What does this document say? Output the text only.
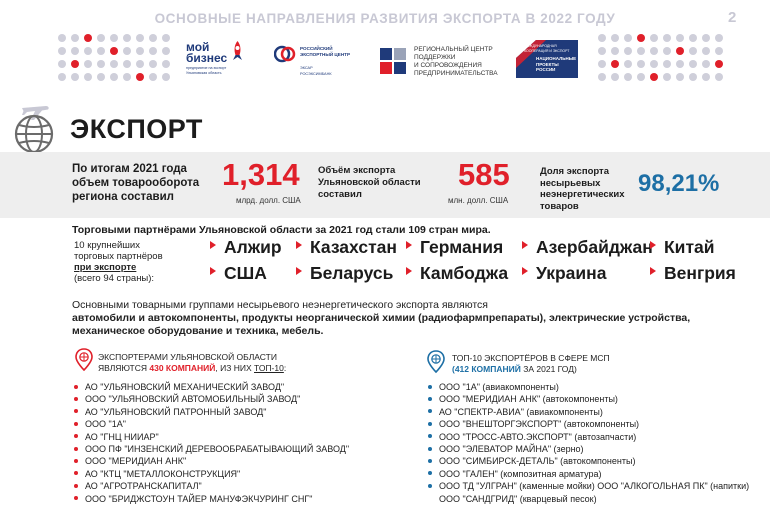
ОСНОВНЫЕ НАПРАВЛЕНИЯ РАЗВИТИЯ ЭКСПОРТА В 2022 ГОДУ	2
мой бизнес
предприятие на экспорт Ульяновская область
РОССИЙСКИЙ ЭКСПОРТНЫЙ ЦЕНТР
ЭКСАР
РОСЭКСИМБАНК
РЕГИОНАЛЬНЫЙ ЦЕНТР
ПОДДЕРЖКИ
И СОПРОВОЖДЕНИЯ
ПРЕДПРИНИМАТЕЛЬСТВА
МЕЖДУНАРОДНАЯ КООПЕРАЦИЯ И ЭКСПОРТ
НАЦИОНАЛЬНЫЕ ПРОЕКТЫ РОССИИ
ЭКСПОРТ
По итогам 2021 года объем товарооборота региона составил
1,314
млрд. долл. США
Объём экспорта Ульяновской области составил
585
млн. долл. США
Доля экспорта несырьевых неэнергетических товаров
98,21%
Торговыми партнёрами Ульяновской области за 2021 год стали 109 стран мира.
10 крупнейших
торговых партнёров
при экспорте
(всего 94 страны):
Алжир	Казахстан	Германия	Азербайджан Китай
США	Беларусь	Камбоджа	Украина	Венгрия
Основными товарными группами несырьевого неэнергетического экспорта являются
автомобили и автокомпоненты, продукты неорганической химии (радиофармпрепараты), электрические устройства,
механическое оборудование и техника, мебель.
ЭКСПОРТЕРАМИ УЛЬЯНОВСКОЙ ОБЛАСТИ
ЯВЛЯЮТСЯ 430 КОМПАНИЙ, ИЗ НИХ ТОП-10:
АО "УЛЬЯНОВСКИЙ МЕХАНИЧЕСКИЙ ЗАВОД"
ООО "УЛЬЯНОВСКИЙ АВТОМОБИЛЬНЫЙ ЗАВОД"
АО "УЛЬЯНОВСКИЙ ПАТРОННЫЙ ЗАВОД"
ООО "1А"
АО "ГНЦ НИИАР"
ООО ПФ "ИНЗЕНСКИЙ ДЕРЕВООБРАБАТЫВАЮЩИЙ ЗАВОД"
ООО "МЕРИДИАН АНК"
АО "КТЦ "МЕТАЛЛОКОНСТРУКЦИЯ"
АО "АГРОТРАНСКАПИТАЛ"
ООО "БРИДЖСТОУН ТАЙЕР МАНУФЭКЧУРИНГ СНГ"
ТОП-10 ЭКСПОРТЁРОВ В СФЕРЕ МСП
(412 КОМПАНИЙ ЗА 2021 ГОД)
ООО "1А" (авиакомпоненты)
ООО "МЕРИДИАН АНК" (автокомпоненты)
АО "СПЕКТР-АВИА" (авиакомпоненты)
ООО "ВНЕШТОРГЭКСПОРТ" (автокомпоненты)
ООО "ТРОСС-АВТО.ЭКСПОРТ" (автозапчасти)
ООО "ЭЛЕВАТОР МАЙНА" (зерно)
ООО "СИМБИРСК-ДЕТАЛЬ" (автокомпоненты)
ООО "ГАЛЕН" (композитная арматура)
ООО ТД "УЛГРАН" (каменные мойки) ООО "АЛКОГОЛЬНАЯ ПК" (напитки)
ООО "САНДГРИД" (кварцевый песок)
